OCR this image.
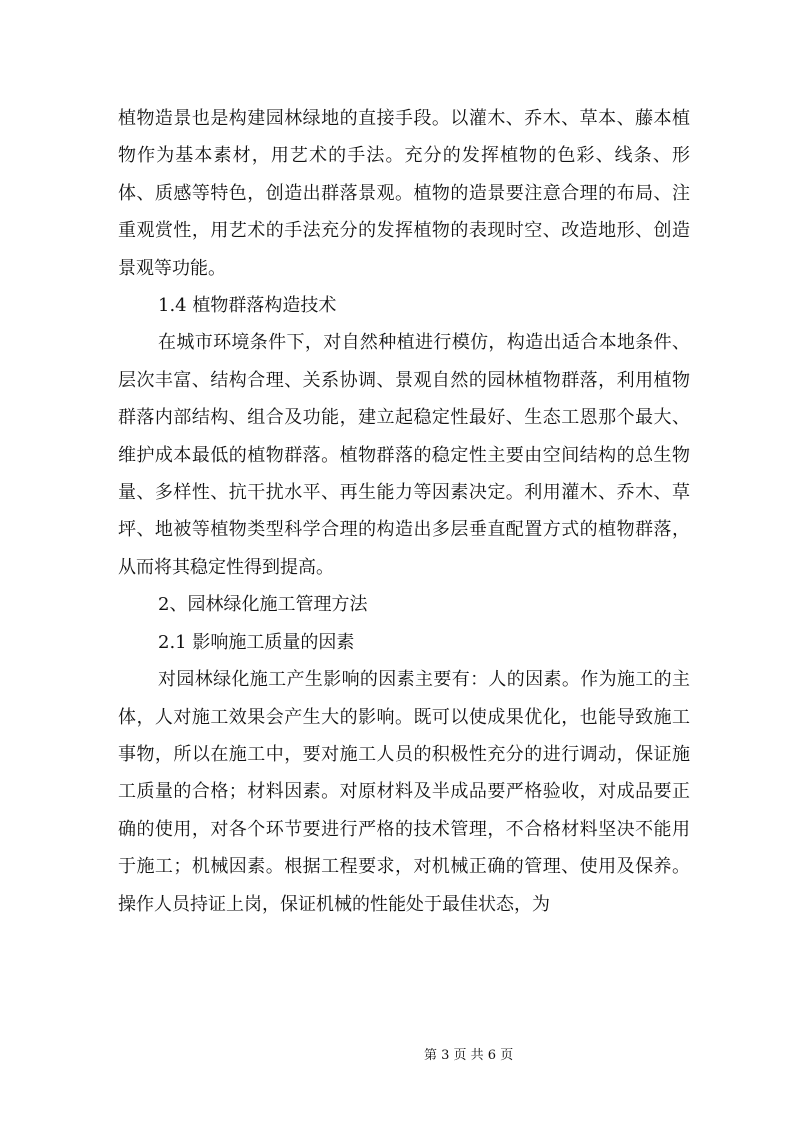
植物造景也是构建园林绿地的直接手段。以灌木、乔木、草本、藤本植物作为基本素材，用艺术的手法。充分的发挥植物的色彩、线条、形体、质感等特色，创造出群落景观。植物的造景要注意合理的布局、注重观赏性，用艺术的手法充分的发挥植物的表现时空、改造地形、创造景观等功能。

1.4 植物群落构造技术

在城市环境条件下，对自然种植进行模仿，构造出适合本地条件、层次丰富、结构合理、关系协调、景观自然的园林植物群落，利用植物群落内部结构、组合及功能，建立起稳定性最好、生态工恩那个最大、维护成本最低的植物群落。植物群落的稳定性主要由空间结构的总生物量、多样性、抗干扰水平、再生能力等因素决定。利用灌木、乔木、草坪、地被等植物类型科学合理的构造出多层垂直配置方式的植物群落，从而将其稳定性得到提高。

2、园林绿化施工管理方法

2.1 影响施工质量的因素

对园林绿化施工产生影响的因素主要有：人的因素。作为施工的主体，人对施工效果会产生大的影响。既可以使成果优化，也能导致施工事物，所以在施工中，要对施工人员的积极性充分的进行调动，保证施工质量的合格；材料因素。对原材料及半成品要严格验收，对成品要正确的使用，对各个环节要进行严格的技术管理，不合格材料坚决不能用于施工；机械因素。根据工程要求，对机械正确的管理、使用及保养。操作人员持证上岗，保证机械的性能处于最佳状态，为

第 3 页 共 6 页
